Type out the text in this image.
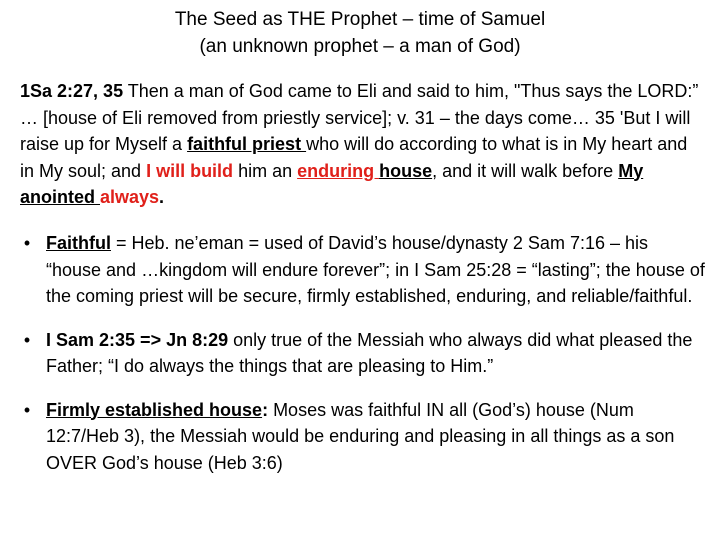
The Seed as THE Prophet – time of Samuel
(an unknown prophet – a man of God)
1Sa 2:27, 35 Then a man of God came to Eli and said to him, "Thus says the LORD:” … [house of Eli removed from priestly service]; v. 31 – the days come… 35 'But I will raise up for Myself a faithful priest who will do according to what is in My heart and in My soul; and I will build him an enduring house, and it will walk before My anointed always.
• Faithful = Heb. ne’eman = used of David’s house/dynasty 2 Sam 7:16 – his “house and …kingdom will endure forever”; in I Sam 25:28 = “lasting”; the house of the coming priest will be secure, firmly established, enduring, and reliable/faithful.
• I Sam 2:35 => Jn 8:29 only true of the Messiah who always did what pleased the Father; “I do always the things that are pleasing to Him.”
• Firmly established house: Moses was faithful IN all (God’s) house (Num 12:7/Heb 3), the Messiah would be enduring and pleasing in all things as a son OVER God’s house (Heb 3:6)
